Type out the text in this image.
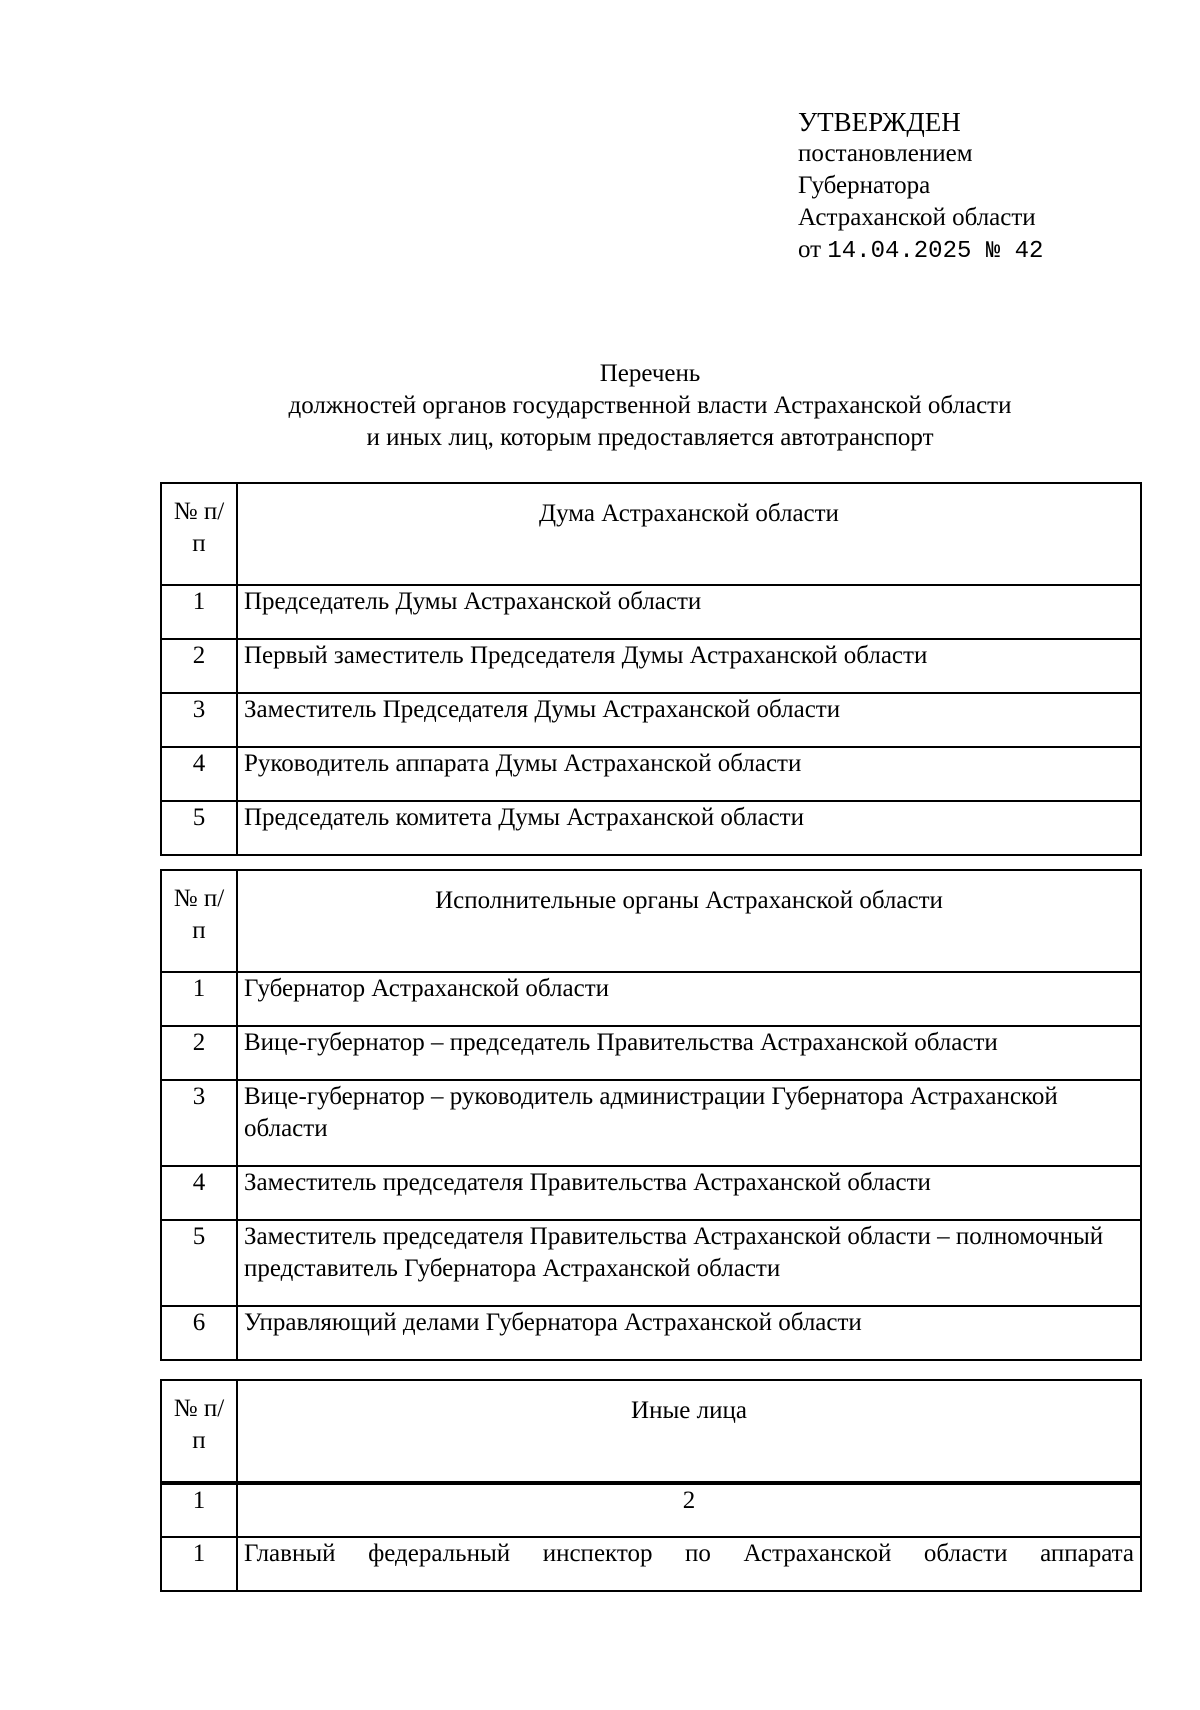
УТВЕРЖДЕН
постановлением
Губернатора
Астраханской области
от 14.04.2025 № 42
Перечень
должностей органов государственной власти Астраханской области
и иных лиц, которым предоставляется автотранспорт
№ п/п	Дума Астраханской области
1	Председатель Думы Астраханской области
2	Первый заместитель Председателя Думы Астраханской области
3	Заместитель Председателя Думы Астраханской области
4	Руководитель аппарата Думы Астраханской области
5	Председатель комитета Думы Астраханской области
№ п/п	Исполнительные органы Астраханской области
1	Губернатор Астраханской области
2	Вице-губернатор – председатель Правительства Астраханской области
3	Вице-губернатор – руководитель администрации Губернатора Астраханской области
4	Заместитель председателя Правительства Астраханской области
5	Заместитель председателя Правительства Астраханской области – полномочный представитель Губернатора Астраханской области
6	Управляющий делами Губернатора Астраханской области
№ п/п	Иные лица
1	2
1	Главный федеральный инспектор по Астраханской области аппарата
